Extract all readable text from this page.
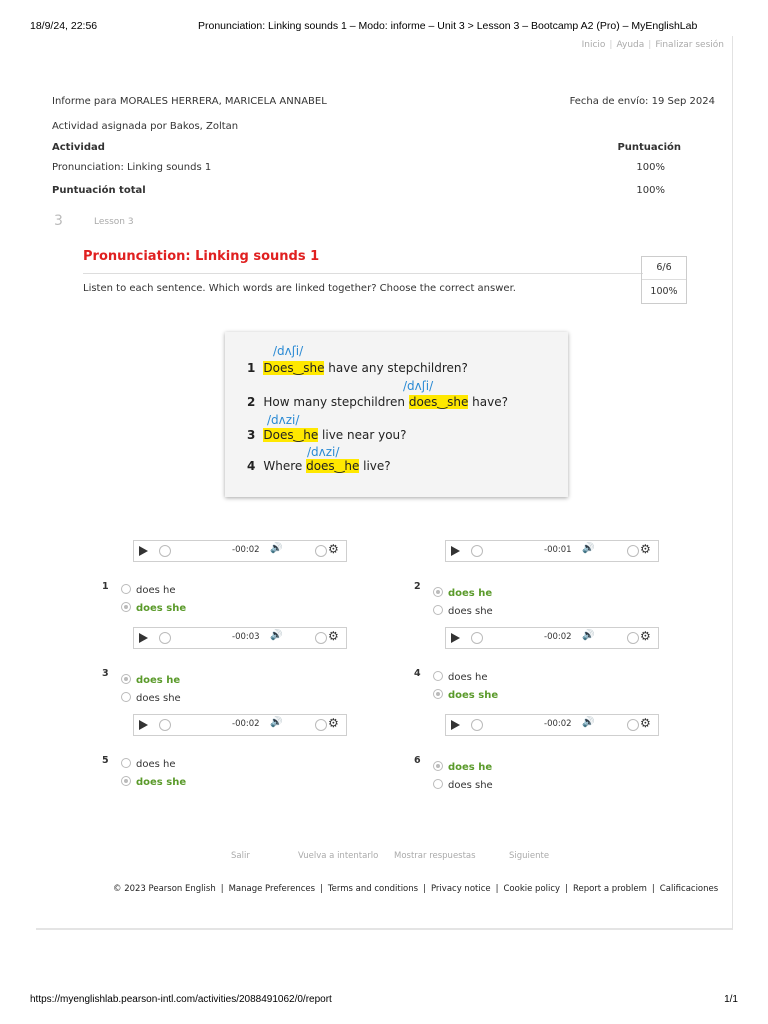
18/9/24, 22:56	Pronunciation: Linking sounds 1 – Modo: informe – Unit 3 > Lesson 3 – Bootcamp A2 (Pro) – MyEnglishLab
Inicio | Ayuda | Finalizar sesión
Informe para MORALES HERRERA, MARICELA ANNABEL	Fecha de envío: 19 Sep 2024
Actividad asignada por Bakos, Zoltan
Actividad	Puntuación
Pronunciation: Linking sounds 1	100%
Puntuación total	100%
3	Lesson 3
Pronunciation: Linking sounds 1
Listen to each sentence. Which words are linked together? Choose the correct answer.
6/6
100%
/dʌʃi/
1 Does‿she have any stepchildren?
/dʌʃi/
2 How many stepchildren does‿she have?
/dʌzi/
3 Does‿he live near you?
/dʌzi/
4 Where does‿he live?
-00:02 🔊	⚙	-00:01 🔊	⚙
-00:03 🔊	⚙	-00:02 🔊	⚙
-00:02 🔊	⚙	-00:02 🔊	⚙
1	does he
does she
2
does he
does she
3
does he
does she
4	does he
does she
5	does he
does she
6
does he
does she
Salir	Vuelva a intentarlo Mostrar respuestas	Siguiente
© 2023 Pearson English | Manage Preferences | Terms and conditions | Privacy notice | Cookie policy | Report a problem | Calificaciones
https://myenglishlab.pearson-intl.com/activities/2088491062/0/report	1/1
